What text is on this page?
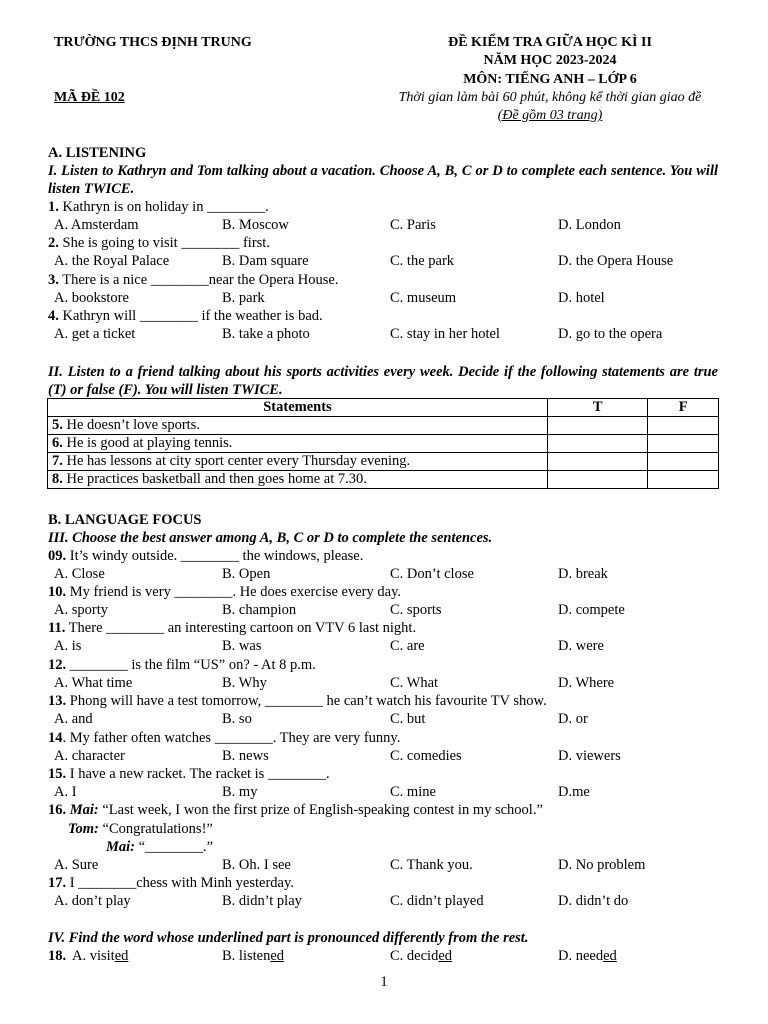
TRƯỜNG THCS ĐỊNH TRUNG
MÃ ĐỀ 102
ĐỀ KIỂM TRA GIỮA HỌC KÌ II
NĂM HỌC 2023-2024
MÔN: TIẾNG ANH – LỚP 6
Thời gian làm bài 60 phút, không kể thời gian giao đề
(Đề gồm 03 trang)
A. LISTENING
I. Listen to Kathryn and Tom talking about a vacation. Choose A, B, C or D to complete each sentence. You will listen TWICE.
1. Kathryn is on holiday in ________.
A. Amsterdam	B. Moscow	C. Paris	D. London
2. She is going to visit ________ first.
A. the Royal Palace	B. Dam square	C. the park	D. the Opera House
3. There is a nice ________near the Opera House.
A. bookstore	B. park	C. museum	D. hotel
4. Kathryn will ________ if the weather is bad.
A. get a ticket	B. take a photo	C. stay in her hotel	D. go to the opera
II. Listen to a friend talking about his sports activities every week. Decide if the following statements are true (T) or false (F). You will listen TWICE.
Statements	T	F
5. He doesn’t love sports.		
6. He is good at playing tennis.		
7. He has lessons at city sport center every Thursday evening.		
8. He practices basketball and then goes home at 7.30.		
B. LANGUAGE FOCUS
III. Choose the best answer among A, B, C or D to complete the sentences.
09. It’s windy outside. ________ the windows, please.
A. Close	B. Open	C. Don’t close	D. break
10. My friend is very ________. He does exercise every day.
A. sporty	B. champion	C. sports	D. compete
11. There ________ an interesting cartoon on VTV 6 last night.
A. is	B. was	C. are	D. were
12. ________ is the film “US” on? - At 8 p.m.
A. What time	B. Why	C. What	D. Where
13. Phong will have a test tomorrow, ________ he can’t watch his favourite TV show.
A. and	B. so	C. but	D. or
14. My father often watches ________. They are very funny.
A. character	B. news	C. comedies	D. viewers
15. I have a new racket. The racket is ________.
A. I	B. my	C. mine	D.me
16. Mai: “Last week, I won the first prize of English-speaking contest in my school.”
Tom: “Congratulations!”
Mai: “________.”
A. Sure	B. Oh. I see	C. Thank you.	D. No problem
17. I ________chess with Minh yesterday.
A. don’t play	B. didn’t play	C. didn’t played	D. didn’t do
IV. Find the word whose underlined part is pronounced differently from the rest.
18. A. visited	B. listened	C. decided	D. needed
1
